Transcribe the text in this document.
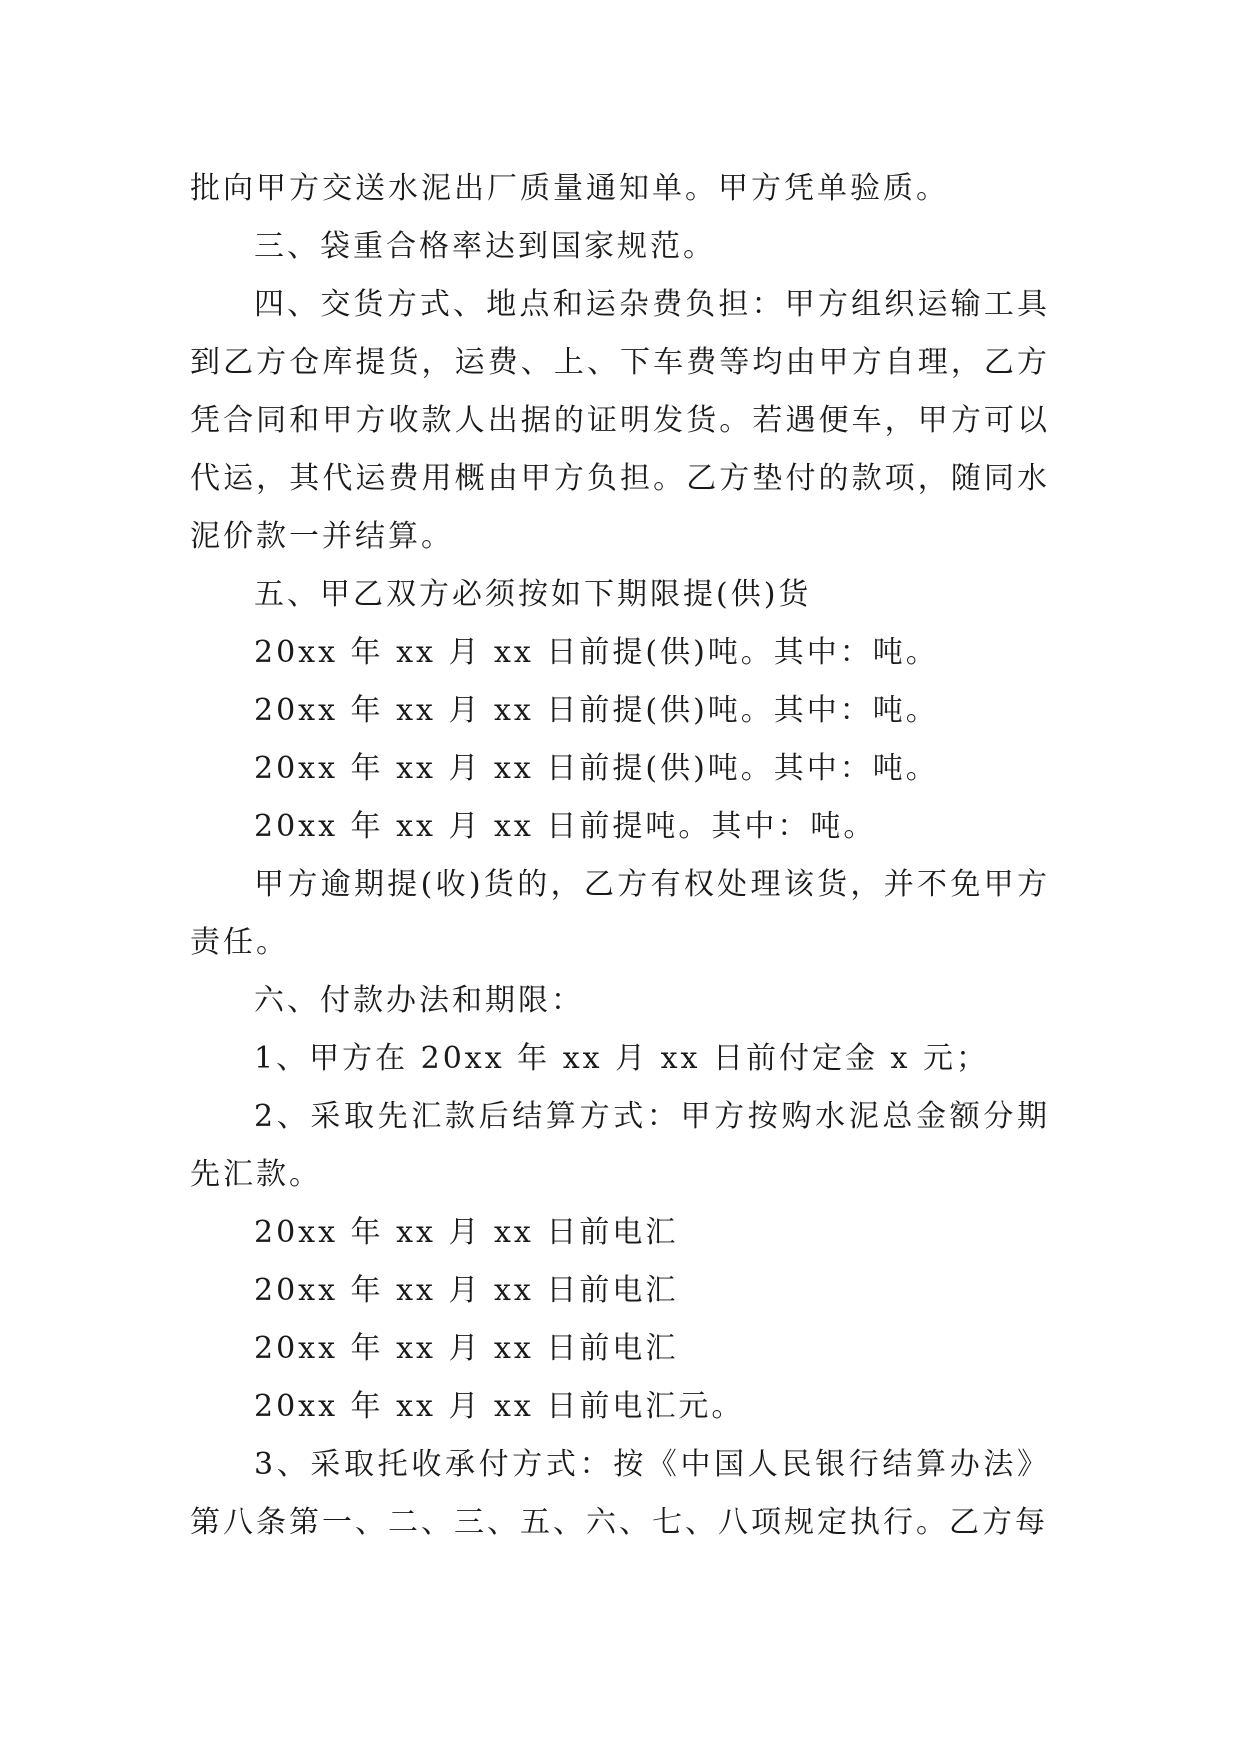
批向甲方交送水泥出厂质量通知单。甲方凭单验质。

三、袋重合格率达到国家规范。

四、交货方式、地点和运杂费负担：甲方组织运输工具到乙方仓库提货，运费、上、下车费等均由甲方自理，乙方凭合同和甲方收款人出据的证明发货。若遇便车，甲方可以代运，其代运费用概由甲方负担。乙方垫付的款项，随同水泥价款一并结算。

五、甲乙双方必须按如下期限提(供)货

20xx 年 xx 月 xx 日前提(供)吨。其中：吨。

20xx 年 xx 月 xx 日前提(供)吨。其中：吨。

20xx 年 xx 月 xx 日前提(供)吨。其中：吨。

20xx 年 xx 月 xx 日前提吨。其中：吨。

甲方逾期提(收)货的，乙方有权处理该货，并不免甲方责任。

六、付款办法和期限：

1、甲方在 20xx 年 xx 月 xx 日前付定金 x 元；

2、采取先汇款后结算方式：甲方按购水泥总金额分期先汇款。

20xx 年 xx 月 xx 日前电汇

20xx 年 xx 月 xx 日前电汇

20xx 年 xx 月 xx 日前电汇

20xx 年 xx 月 xx 日前电汇元。

3、采取托收承付方式：按《中国人民银行结算办法》第八条第一、二、三、五、六、七、八项规定执行。乙方每
